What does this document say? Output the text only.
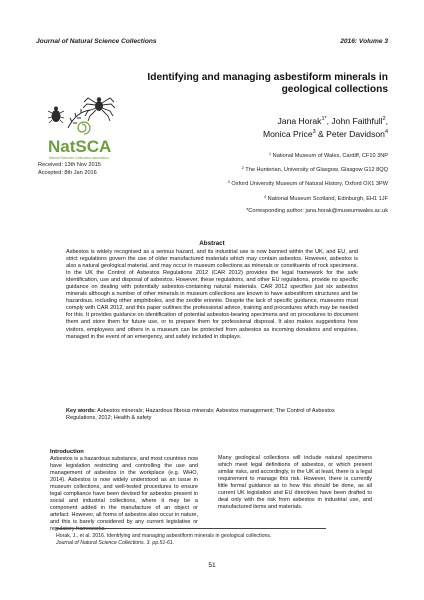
Journal of Natural Science Collections	2016: Volume 3
Identifying and managing asbestiform minerals in geological collections
NatSCA
Natural Sciences Collections Association
Jana Horak$^{1*}$, John Faithfull$^2$,
Monica Price$^3$ & Peter Davidson$^4$
Received: 13th Nov 2015
Accepted: 8th Jan 2016
$^1$ National Museum of Wales, Cardiff, CF10 3NP
$^2$ The Hunterian, University of Glasgow, Glasgow G12 8QQ
$^3$ Oxford University Museum of Natural History, Oxford OX1 3PW
$^4$ National Museum Scotland, Edinburgh, EH1 1JF
*Corresponding author: jana.horak@museumwales.ac.uk
Abstract
Asbestos is widely recognised as a serious hazard, and its industrial use is now banned within the UK, and EU, and strict regulations govern the use of older manufactured materials which may contain asbestos. However, asbestos is also a natural geological material, and may occur in museum collections as minerals or constituents of rock specimens. In the UK the Control of Asbestos Regulations 2012 (CAR 2012) provides the legal framework for the safe identification, use and disposal of asbestos. However, these regulations, and other EU regulations, provide no specific guidance on dealing with potentially asbestos-containing natural materials. CAR 2012 specifies just six asbestos minerals although a number of other minerals in museum collections are known to have asbestiform structures and be hazardous, including other amphiboles, and the zeolite erionite. Despite the lack of specific guidance, museums must comply with CAR 2012, and this paper outlines the professional advice, training and procedures which may be needed for this. It provides guidance on identification of potential asbestos-bearing specimens and on procedures to document them and store them for future use, or to prepare them for professional disposal. It also makes suggestions how visitors, employees and others in a museum can be protected from asbestos as incoming donations and enquiries, managed in the event of an emergency, and safely included in displays.
Key words: Asbestos minerals; Hazardous fibrous minerals; Asbestos management; The Control of Asbestos Regulations, 2012; Health & safety
Introduction
Asbestos is a hazardous substance, and most countries now have legislation restricting and controlling the use and management of asbestos in the workplace (e.g. WHO, 2014). Asbestos is now widely understood as an issue in museum collections, and well-tested procedures to ensure legal compliance have been devised for asbestos present in social and industrial collections, where it may be a component added in the manufacture of an object or artefact. However, all forms of asbestos also occur in nature, and this is barely considered by any current legislative or regulatory frameworks.
Many geological collections will include natural specimens which meet legal definitions of asbestos, or which present similar risks, and accordingly, in the UK at least, there is a legal requirement to manage this risk. However, there is currently little formal guidance as to how this should be done, as all current UK legislation and EU directives have been drafted to deal only with the risk from asbestos in industrial use, and manufactured items and materials.
Horak, J., et al. 2016. Identifying and managing asbestiform minerals in geological collections.
Journal of Natural Science Collections. 3. pp.51-61.
51
